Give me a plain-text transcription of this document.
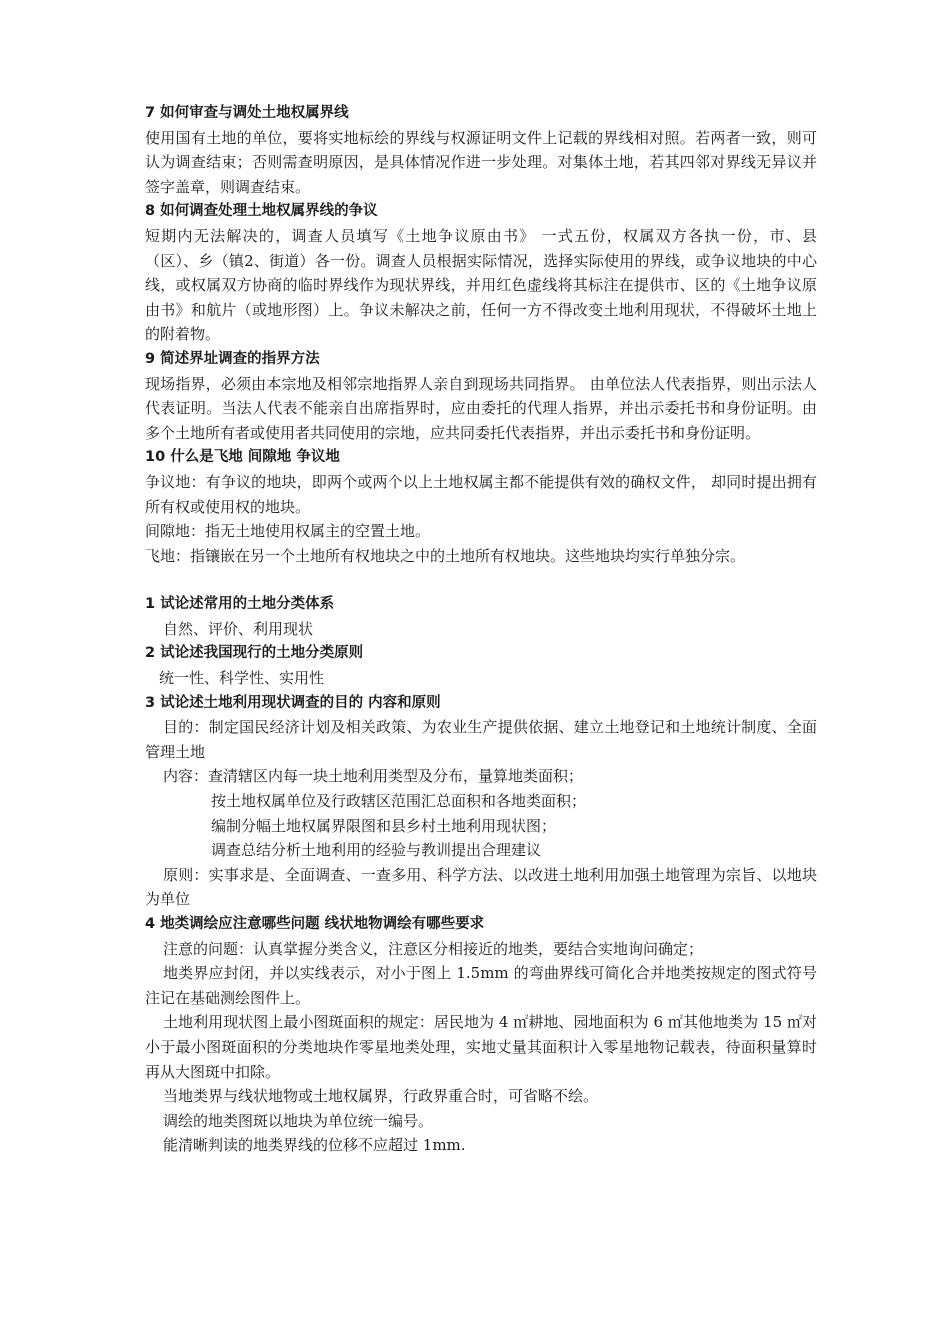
7 如何审查与调处土地权属界线

使用国有土地的单位，要将实地标绘的界线与权源证明文件上记载的界线相对照。若两者一致，则可认为调查结束；否则需查明原因，是具体情况作进一步处理。对集体土地，若其四邻对界线无异议并签字盖章，则调查结束。

8 如何调查处理土地权属界线的争议

短期内无法解决的，调查人员填写《土地争议原由书》 一式五份，权属双方各执一份，市、县（区）、乡（镇2、街道）各一份。调查人员根据实际情况，选择实际使用的界线，或争议地块的中心线，或权属双方协商的临时界线作为现状界线，并用红色虚线将其标注在提供市、区的《土地争议原由书》和航片（或地形图）上。争议未解决之前，任何一方不得改变土地利用现状，不得破坏土地上的附着物。

9 简述界址调查的指界方法

现场指界，必须由本宗地及相邻宗地指界人亲自到现场共同指界。 由单位法人代表指界，则出示法人代表证明。当法人代表不能亲自出席指界时，应由委托的代理人指界，并出示委托书和身份证明。由多个土地所有者或使用者共同使用的宗地，应共同委托代表指界，并出示委托书和身份证明。

10 什么是飞地 间隙地 争议地

争议地：有争议的地块，即两个或两个以上土地权属主都不能提供有效的确权文件， 却同时提出拥有所有权或使用权的地块。

间隙地：指无土地使用权属主的空置土地。

飞地：指镶嵌在另一个土地所有权地块之中的土地所有权地块。这些地块均实行单独分宗。

1 试论述常用的土地分类体系

自然、评价、利用现状

2 试论述我国现行的土地分类原则

统一性、科学性、实用性

3 试论述土地利用现状调查的目的 内容和原则

目的：制定国民经济计划及相关政策、为农业生产提供依据、建立土地登记和土地统计制度、全面管理土地

内容：查清辖区内每一块土地利用类型及分布，量算地类面积；

按土地权属单位及行政辖区范围汇总面积和各地类面积；

编制分幅土地权属界限图和县乡村土地利用现状图；

调查总结分析土地利用的经验与教训提出合理建议

原则：实事求是、全面调查、一查多用、科学方法、以改进土地利用加强土地管理为宗旨、以地块为单位

4 地类调绘应注意哪些问题 线状地物调绘有哪些要求

注意的问题：认真掌握分类含义，注意区分相接近的地类，要结合实地询问确定；

地类界应封闭，并以实线表示，对小于图上 1.5mm 的弯曲界线可简化合并地类按规定的图式符号注记在基础测绘图件上。

土地利用现状图上最小图斑面积的规定：居民地为 4 ㎡耕地、园地面积为 6 ㎡其他地类为 15 ㎡对小于最小图斑面积的分类地块作零星地类处理，实地丈量其面积计入零星地物记载表，待面积量算时再从大图斑中扣除。

当地类界与线状地物或土地权属界，行政界重合时，可省略不绘。

调绘的地类图斑以地块为单位统一编号。

能清晰判读的地类界线的位移不应超过 1mm.
